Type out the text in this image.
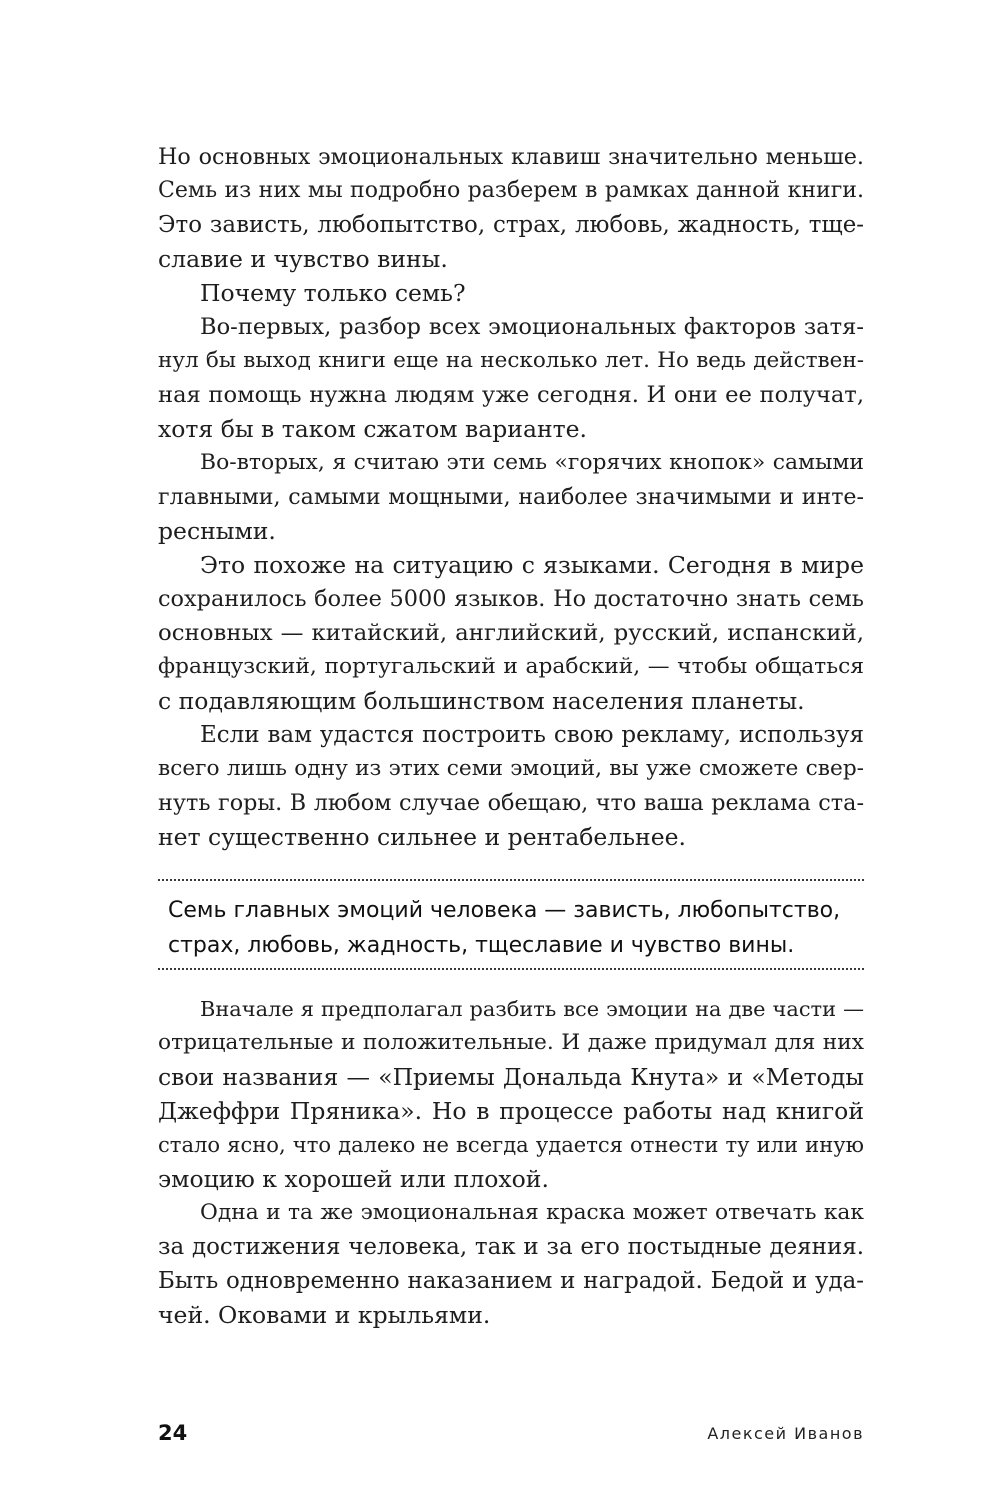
Но основных эмоциональных клавиш значительно меньше.
Семь из них мы подробно разберем в рамках данной книги.
Это зависть, любопытство, страх, любовь, жадность, тще-
славие и чувство вины.
Почему только семь?
Во-первых, разбор всех эмоциональных факторов затя-
нул бы выход книги еще на несколько лет. Но ведь действен-
ная помощь нужна людям уже сегодня. И они ее получат,
хотя бы в таком сжатом варианте.
Во-вторых, я считаю эти семь «горячих кнопок» самыми
главными, самыми мощными, наиболее значимыми и инте-
ресными.
Это похоже на ситуацию с языками. Сегодня в мире
сохранилось более 5000 языков. Но достаточно знать семь
основных — китайский, английский, русский, испанский,
французский, португальский и арабский, — чтобы общаться
с подавляющим большинством населения планеты.
Если вам удастся построить свою рекламу, используя
всего лишь одну из этих семи эмоций, вы уже сможете свер-
нуть горы. В любом случае обещаю, что ваша реклама ста-
нет существенно сильнее и рентабельнее.
Семь главных эмоций человека — зависть, любопытство,
страх, любовь, жадность, тщеславие и чувство вины.
Вначале я предполагал разбить все эмоции на две части —
отрицательные и положительные. И даже придумал для них
свои названия — «Приемы Дональда Кнута» и «Методы
Джеффри Пряника». Но в процессе работы над книгой
стало ясно, что далеко не всегда удается отнести ту или иную
эмоцию к хорошей или плохой.
Одна и та же эмоциональная краска может отвечать как
за достижения человека, так и за его постыдные деяния.
Быть одновременно наказанием и наградой. Бедой и уда-
чей. Оковами и крыльями.
24	Алексей Иванов
